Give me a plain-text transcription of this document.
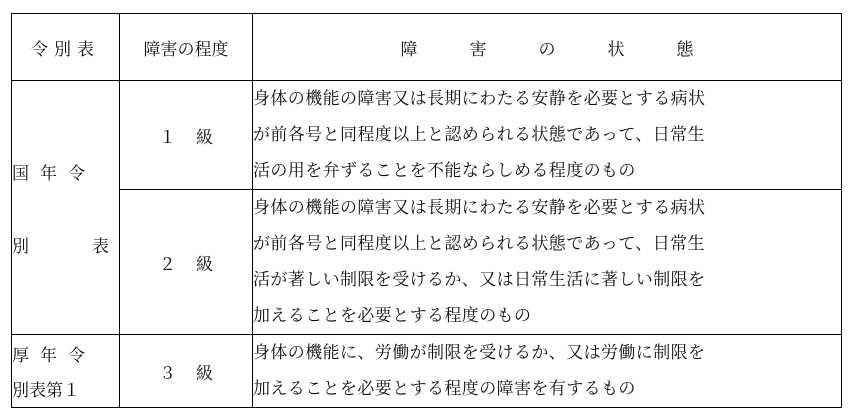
令別表	障害の程度	障 害 の 状 態

国年令
別 表	１ 級	身体の機能の障害又は長期にわたる安静を必要とする病状
が前各号と同程度以上と認められる状態であって、日常生
活の用を弁ずることを不能ならしめる程度のもの

	２ 級	身体の機能の障害又は長期にわたる安静を必要とする病状
が前各号と同程度以上と認められる状態であって、日常生
活が著しい制限を受けるか、又は日常生活に著しい制限を
加えることを必要とする程度のもの

厚年令
別表第１	３ 級	身体の機能に、労働が制限を受けるか、又は労働に制限を
加えることを必要とする程度の障害を有するもの
